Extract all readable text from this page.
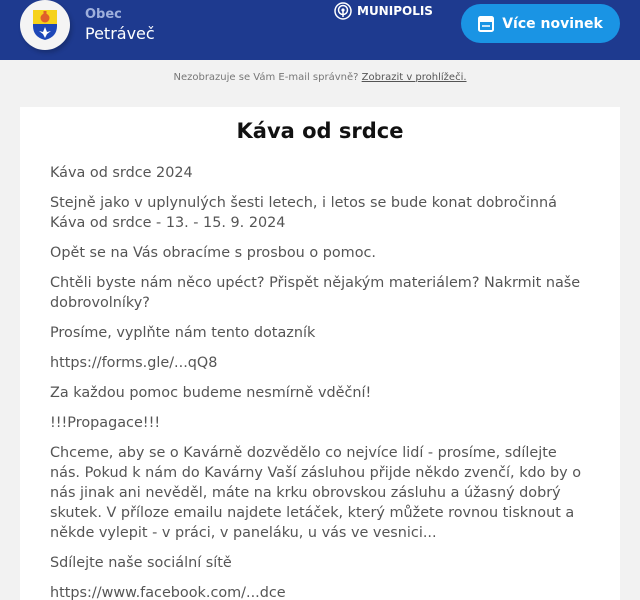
Obec
Petráveč
MUNIPOLIS
Více novinek
Nezobrazuje se Vám E-mail správně? Zobrazit v prohlížeči.
Káva od srdce

Káva od srdce 2024

Stejně jako v uplynulých šesti letech, i letos se bude konat dobročinná Káva od srdce - 13. - 15. 9. 2024

Opět se na Vás obracíme s prosbou o pomoc.

Chtěli byste nám něco upéct? Přispět nějakým materiálem? Nakrmit naše dobrovolníky?

Prosíme, vyplňte nám tento dotazník

https://forms.gle/...qQ8

Za každou pomoc budeme nesmírně vděční!

!!!Propagace!!!

Chceme, aby se o Kavárně dozvědělo co nejvíce lidí - prosíme, sdílejte nás. Pokud k nám do Kavárny Vaší zásluhou přijde někdo zvenčí, kdo by o nás jinak ani nevěděl, máte na krku obrovskou zásluhu a úžasný dobrý skutek. V příloze emailu najdete letáček, který můžete rovnou tisknout a někde vylepit - v práci, v paneláku, u vás ve vesnici...

Sdílejte naše sociální sítě

https://www.facebook.com/...dce
